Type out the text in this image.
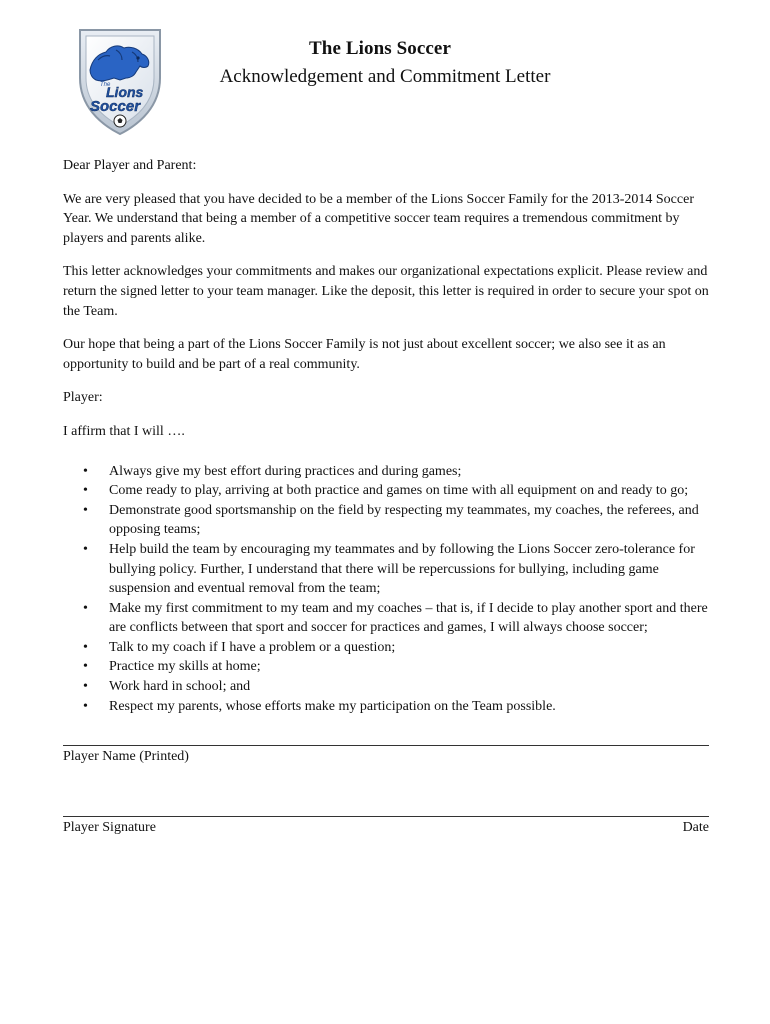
The
Lions
Soccer
The Lions Soccer
Acknowledgement and Commitment Letter

Dear Player and Parent:

We are very pleased that you have decided to be a member of the Lions Soccer Family for the 2013-2014 Soccer Year. We understand that being a member of a competitive soccer team requires a tremendous commitment by players and parents alike.

This letter acknowledges your commitments and makes our organizational expectations explicit. Please review and return the signed letter to your team manager. Like the deposit, this letter is required in order to secure your spot on the Team.

Our hope that being a part of the Lions Soccer Family is not just about excellent soccer; we also see it as an opportunity to build and be part of a real community.

Player:

I affirm that I will ….

• Always give my best effort during practices and during games;
• Come ready to play, arriving at both practice and games on time with all equipment on and ready to go;
• Demonstrate good sportsmanship on the field by respecting my teammates, my coaches, the referees, and opposing teams;
• Help build the team by encouraging my teammates and by following the Lions Soccer zero-tolerance for bullying policy. Further, I understand that there will be repercussions for bullying, including game suspension and eventual removal from the team;
• Make my first commitment to my team and my coaches – that is, if I decide to play another sport and there are conflicts between that sport and soccer for practices and games, I will always choose soccer;
• Talk to my coach if I have a problem or a question;
• Practice my skills at home;
• Work hard in school; and
• Respect my parents, whose efforts make my participation on the Team possible.
Player Name (Printed)
Player Signature	Date
